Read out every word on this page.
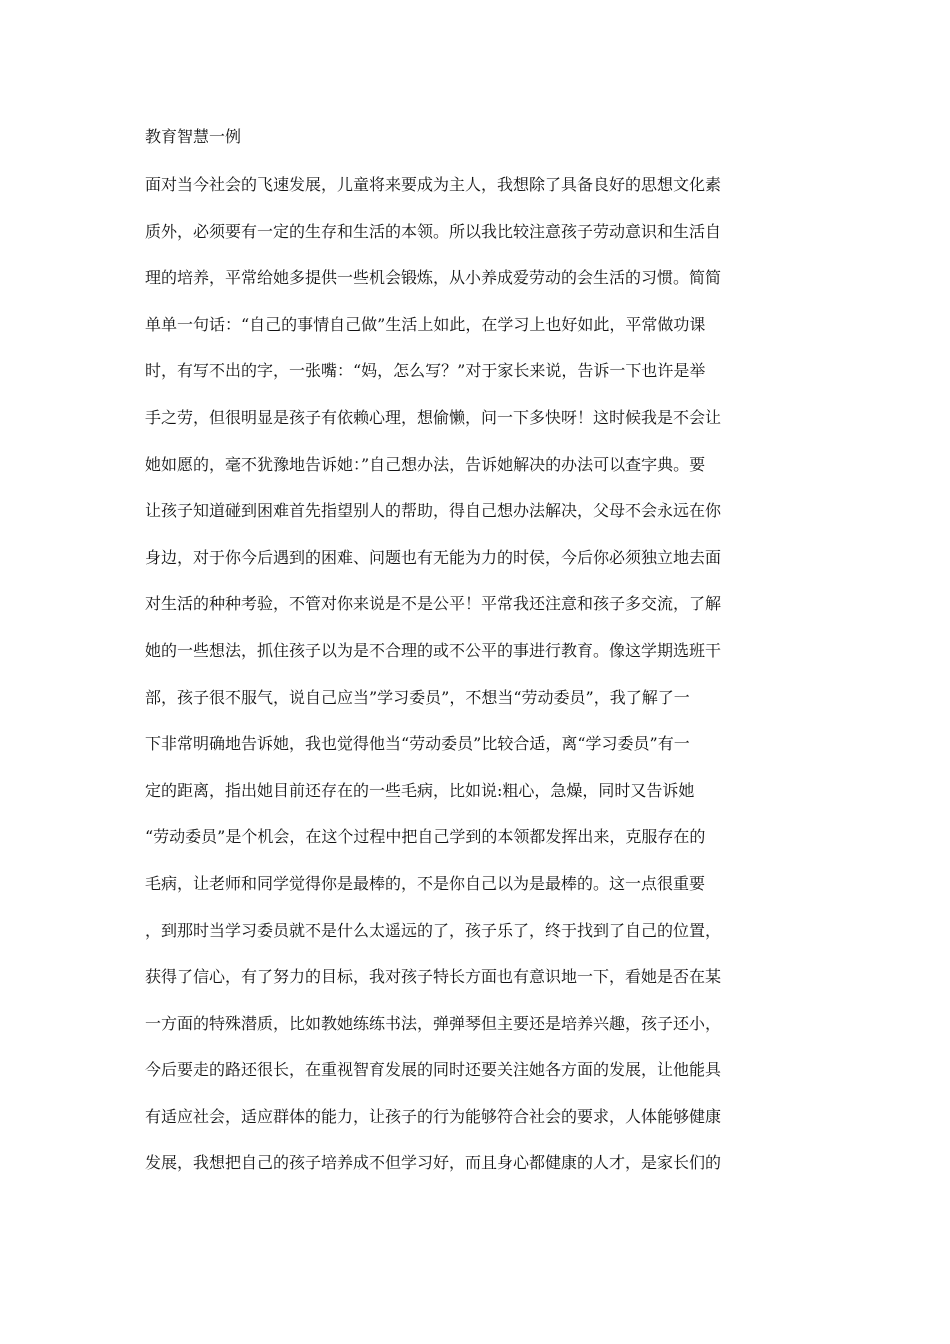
教育智慧一例
面对当今社会的飞速发展，儿童将来要成为主人，我想除了具备良好的思想文化素
质外，必须要有一定的生存和生活的本领。所以我比较注意孩子劳动意识和生活自
理的培养，平常给她多提供一些机会锻炼，从小养成爱劳动的会生活的习惯。简简
单单一句话：“自己的事情自己做”生活上如此，在学习上也好如此，平常做功课
时，有写不出的字，一张嘴：“妈，怎么写？”对于家长来说，告诉一下也许是举
手之劳，但很明显是孩子有依赖心理，想偷懒，问一下多快呀！这时候我是不会让
她如愿的，毫不犹豫地告诉她：”自己想办法，告诉她解决的办法可以查字典。要
让孩子知道碰到困难首先指望别人的帮助，得自己想办法解决，父母不会永远在你
身边，对于你今后遇到的困难、问题也有无能为力的时侯，今后你必须独立地去面
对生活的种种考验，不管对你来说是不是公平！平常我还注意和孩子多交流，了解
她的一些想法，抓住孩子以为是不合理的或不公平的事进行教育。像这学期选班干
部，孩子很不服气，说自己应当”学习委员”，不想当“劳动委员”，我了解了一
下非常明确地告诉她，我也觉得他当“劳动委员”比较合适，离“学习委员”有一
定的距离，指出她目前还存在的一些毛病，比如说:粗心，急燥，同时又告诉她
“劳动委员”是个机会，在这个过程中把自己学到的本领都发挥出来，克服存在的
毛病，让老师和同学觉得你是最棒的，不是你自己以为是最棒的。这一点很重要
，到那时当学习委员就不是什么太遥远的了，孩子乐了，终于找到了自己的位置，
获得了信心，有了努力的目标，我对孩子特长方面也有意识地一下，看她是否在某
一方面的特殊潜质，比如教她练练书法，弹弹琴但主要还是培养兴趣，孩子还小，
今后要走的路还很长，在重视智育发展的同时还要关注她各方面的发展，让他能具
有适应社会，适应群体的能力，让孩子的行为能够符合社会的要求，人体能够健康
发展，我想把自己的孩子培养成不但学习好，而且身心都健康的人才，是家长们的
